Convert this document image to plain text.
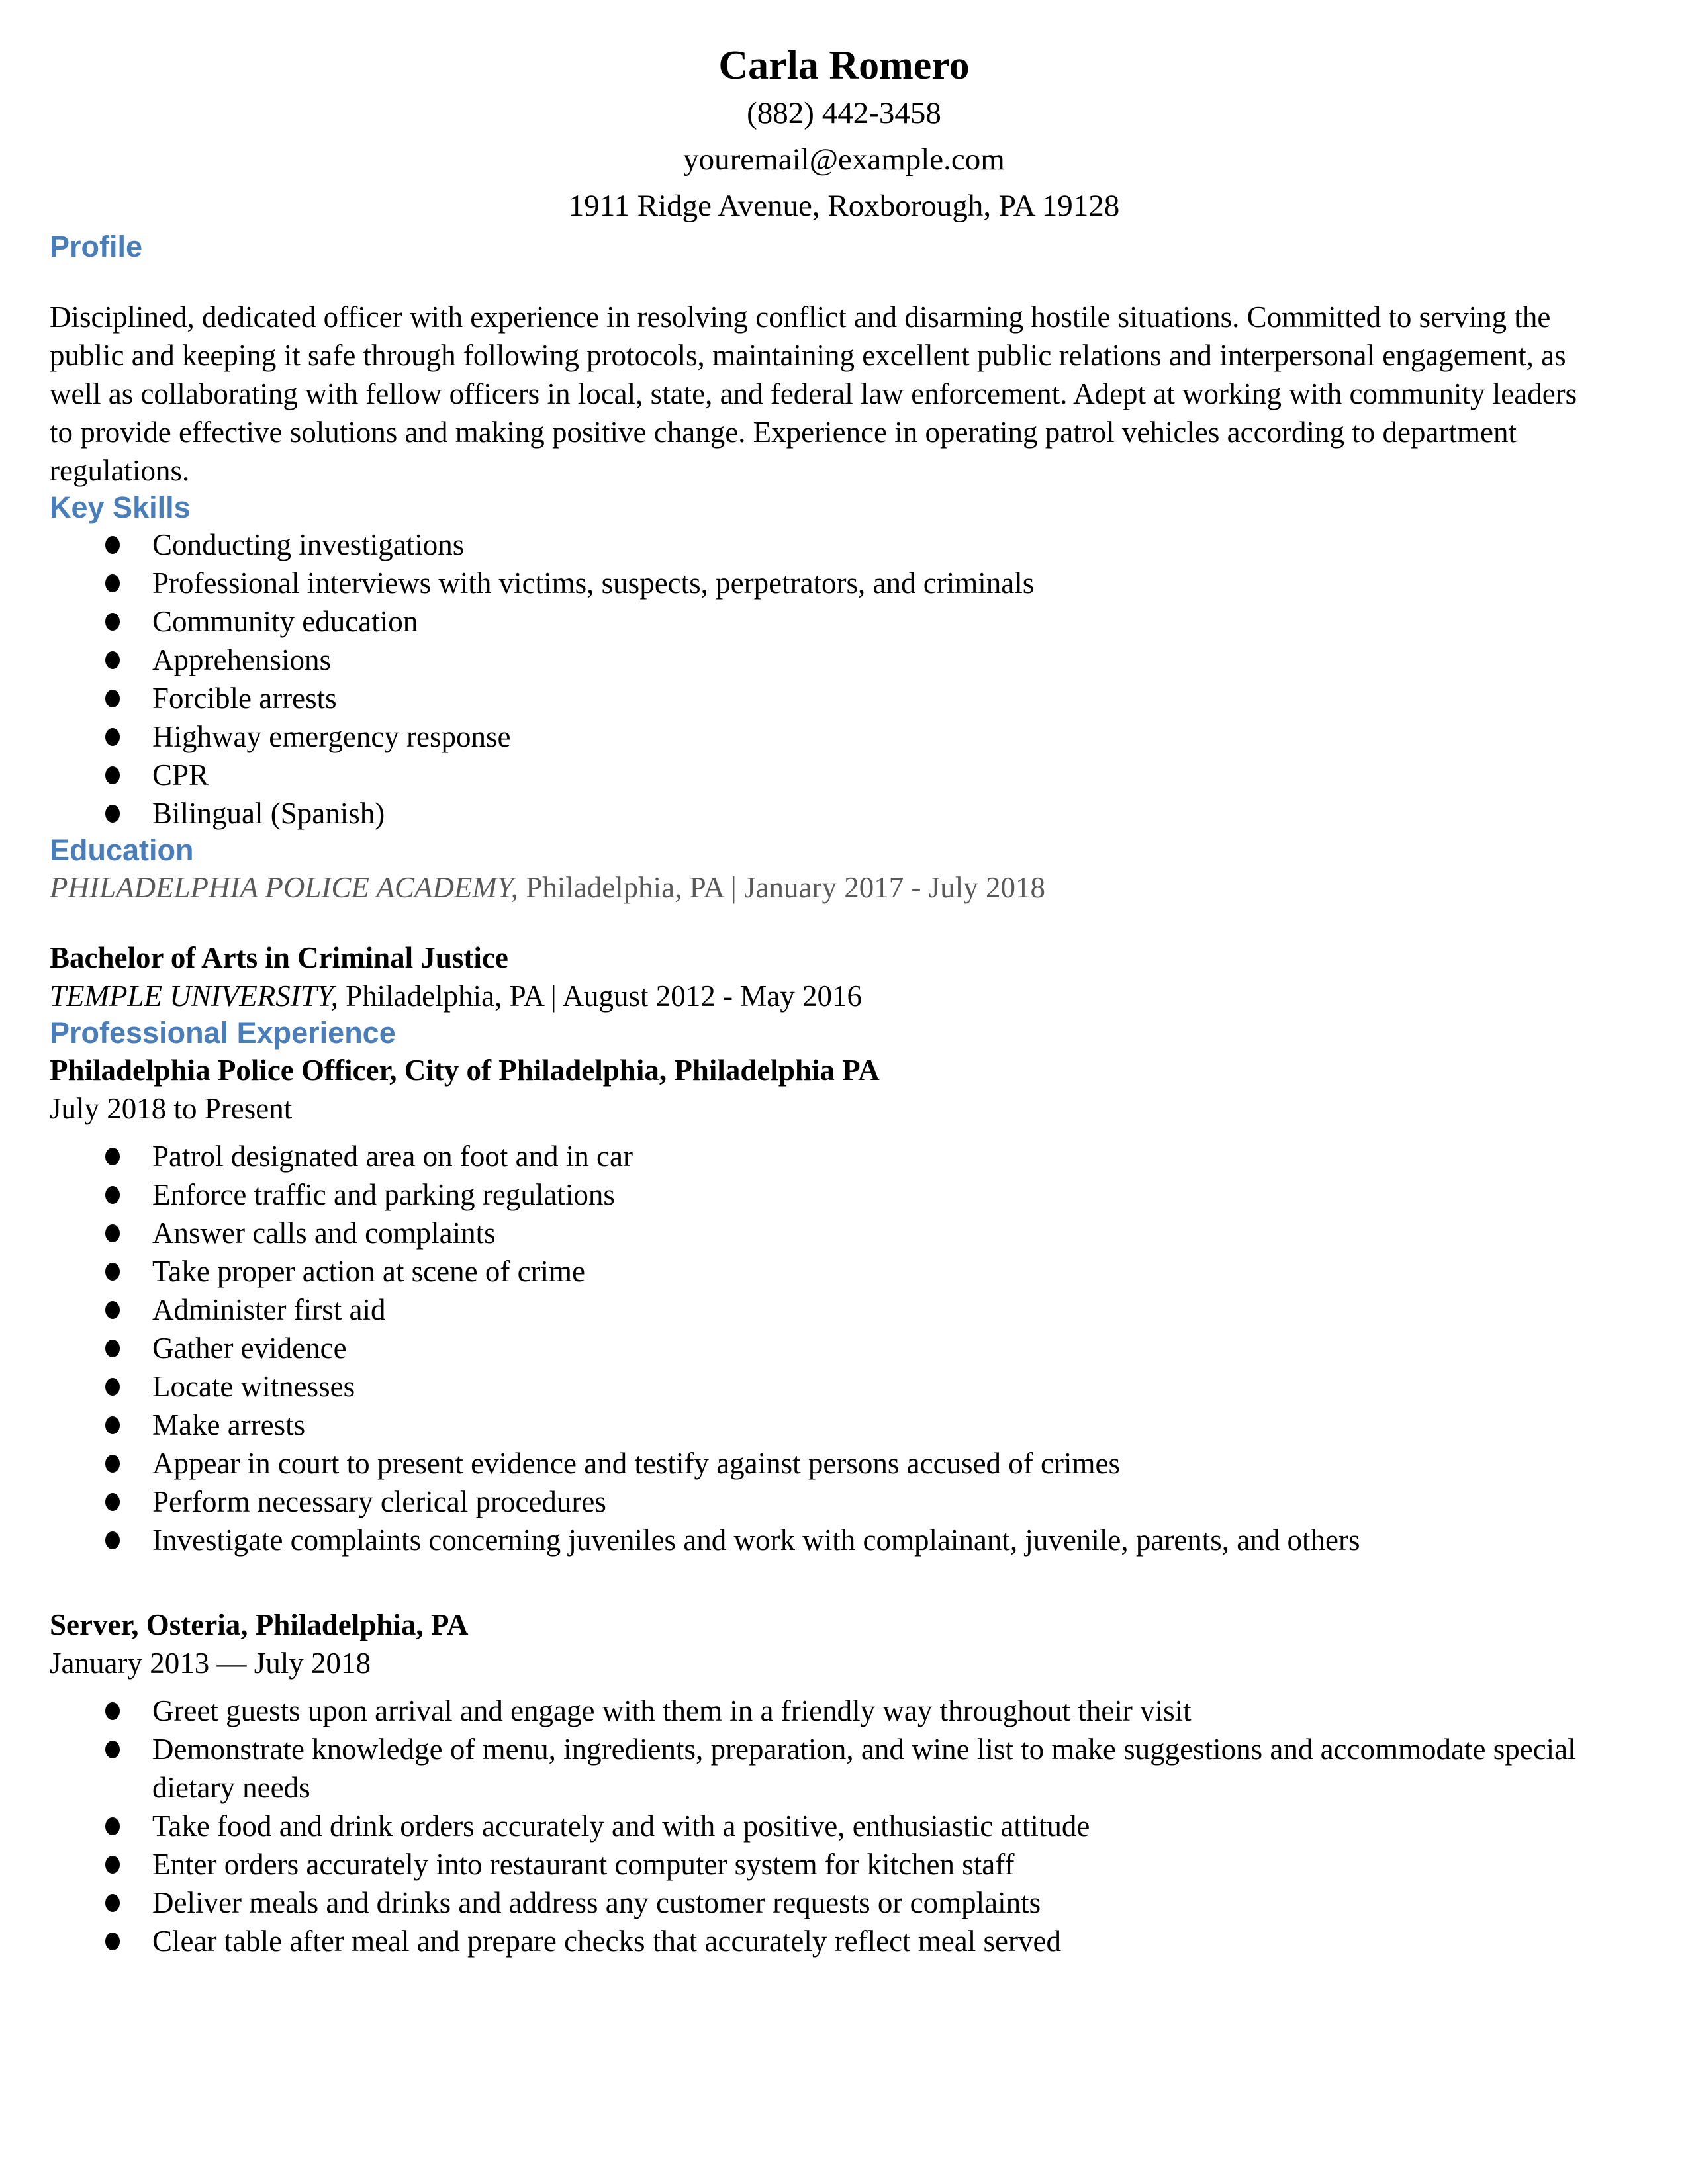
Carla Romero

(882) 442-3458

youremail@example.com

1911 Ridge Avenue, Roxborough, PA 19128

Profile

Disciplined, dedicated officer with experience in resolving conflict and disarming hostile situations. Committed to serving the public and keeping it safe through following protocols, maintaining excellent public relations and interpersonal engagement, as well as collaborating with fellow officers in local, state, and federal law enforcement. Adept at working with community leaders to provide effective solutions and making positive change. Experience in operating patrol vehicles according to department regulations.

Key Skills
Conducting investigations
Professional interviews with victims, suspects, perpetrators, and criminals
Community education
Apprehensions
Forcible arrests
Highway emergency response
CPR
Bilingual (Spanish)
Education

PHILADELPHIA POLICE ACADEMY, Philadelphia, PA | January 2017 - July 2018

Bachelor of Arts in Criminal Justice

TEMPLE UNIVERSITY, Philadelphia, PA | August 2012 - May 2016

Professional Experience

Philadelphia Police Officer, City of Philadelphia, Philadelphia PA

July 2018 to Present

Patrol designated area on foot and in car
Enforce traffic and parking regulations
Answer calls and complaints
Take proper action at scene of crime
Administer first aid
Gather evidence
Locate witnesses
Make arrests
Appear in court to present evidence and testify against persons accused of crimes
Perform necessary clerical procedures
Investigate complaints concerning juveniles and work with complainant, juvenile, parents, and others

Server, Osteria, Philadelphia, PA

January 2013 — July 2018

Greet guests upon arrival and engage with them in a friendly way throughout their visit
Demonstrate knowledge of menu, ingredients, preparation, and wine list to make suggestions and accommodate special dietary needs
Take food and drink orders accurately and with a positive, enthusiastic attitude
Enter orders accurately into restaurant computer system for kitchen staff
Deliver meals and drinks and address any customer requests or complaints
Clear table after meal and prepare checks that accurately reflect meal served
